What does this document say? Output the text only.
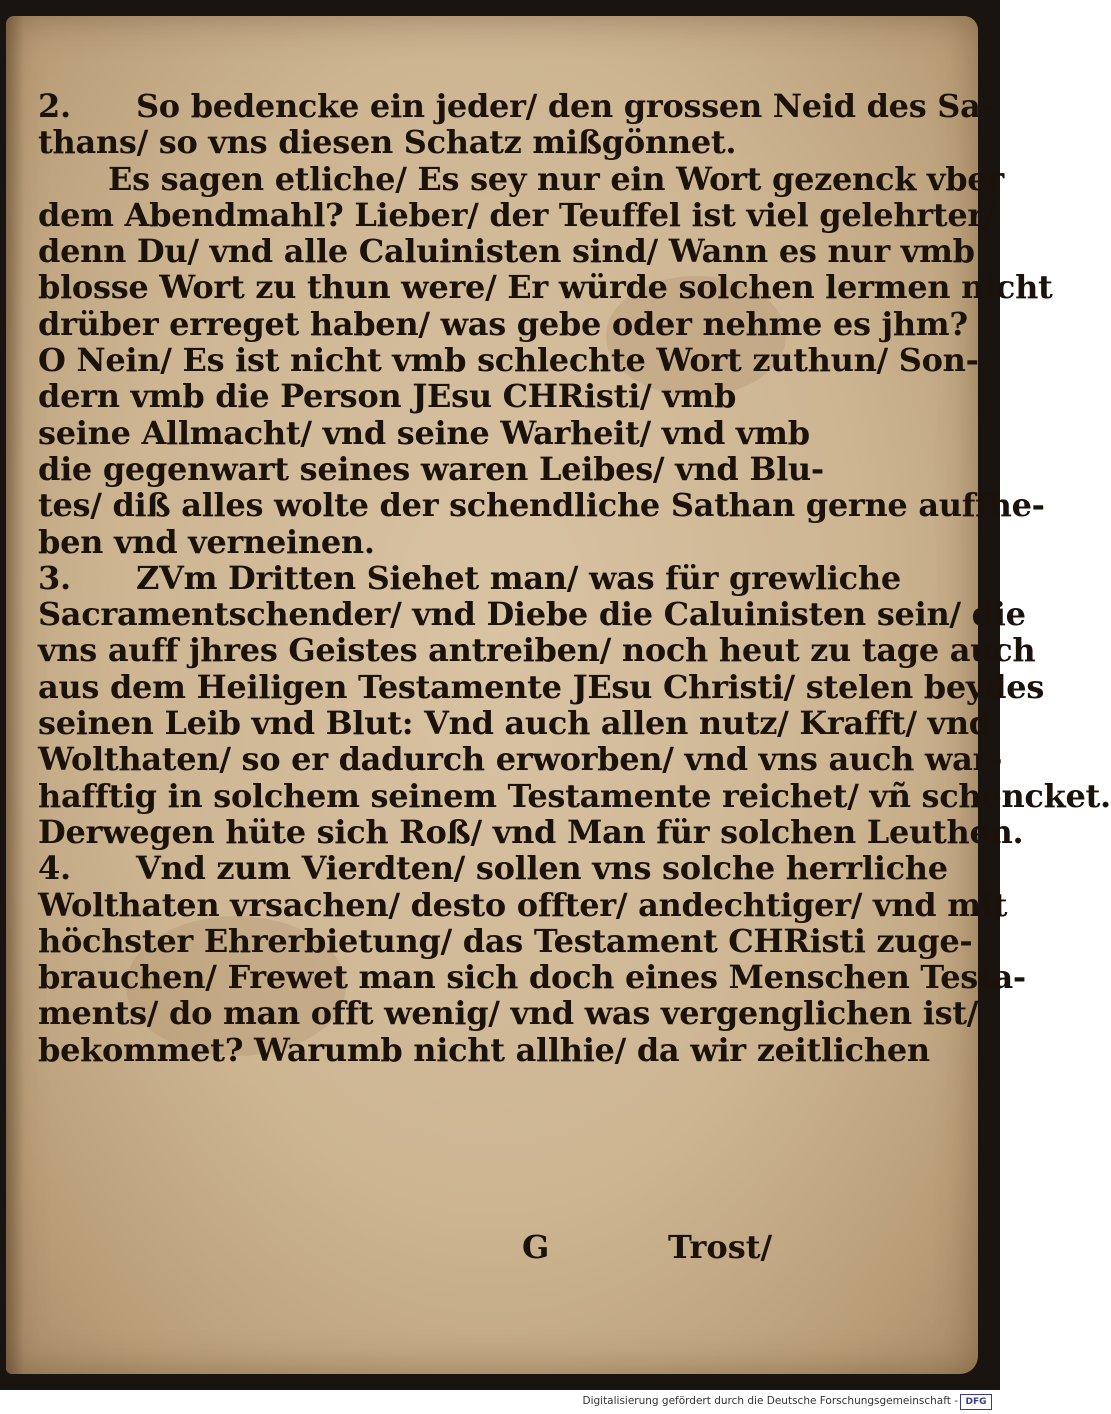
2. So bedencke ein jeder/ den grossen Neid des Sa-
thans/ so vns diesen Schatz mißgönnet.
Es sagen etliche/ Es sey nur ein Wort gezenck vber
dem Abendmahl? Lieber/ der Teuffel ist viel gelehrter/
denn Du/ vnd alle Caluinisten sind/ Wann es nur vmb
blosse Wort zu thun were/ Er würde solchen lermen nicht
drüber erreget haben/ was gebe oder nehme es jhm?
O Nein/ Es ist nicht vmb schlechte Wort zuthun/ Son-
dern vmb die Person JEsu CHRisti/ vmb
seine Allmacht/ vnd seine Warheit/ vnd vmb
die gegenwart seines waren Leibes/ vnd Blu-
tes/ diß alles wolte der schendliche Sathan gerne auffhe-
ben vnd verneinen.
3. ZVm Dritten Siehet man/ was für grewliche
Sacramentschender/ vnd Diebe die Caluinisten sein/ die
vns auff jhres Geistes antreiben/ noch heut zu tage auch
aus dem Heiligen Testamente JEsu Christi/ stelen beydes
seinen Leib vnd Blut: Vnd auch allen nutz/ Krafft/ vnd
Wolthaten/ so er dadurch erworben/ vnd vns auch war-
hafftig in solchem seinem Testamente reichet/ vñ schencket.
Derwegen hüte sich Roß/ vnd Man für solchen Leuthen.
4. Vnd zum Vierdten/ sollen vns solche herrliche
Wolthaten vrsachen/ desto offter/ andechtiger/ vnd mit
höchster Ehrerbietung/ das Testament CHRisti zuge-
brauchen/ Frewet man sich doch eines Menschen Testa-
ments/ do man offt wenig/ vnd was vergenglichen ist/
bekommet? Warumb nicht allhie/ da wir zeitlichen
G	Trost/
Digitalisierung gefördert durch die Deutsche Forschungsgemeinschaft - DFG
